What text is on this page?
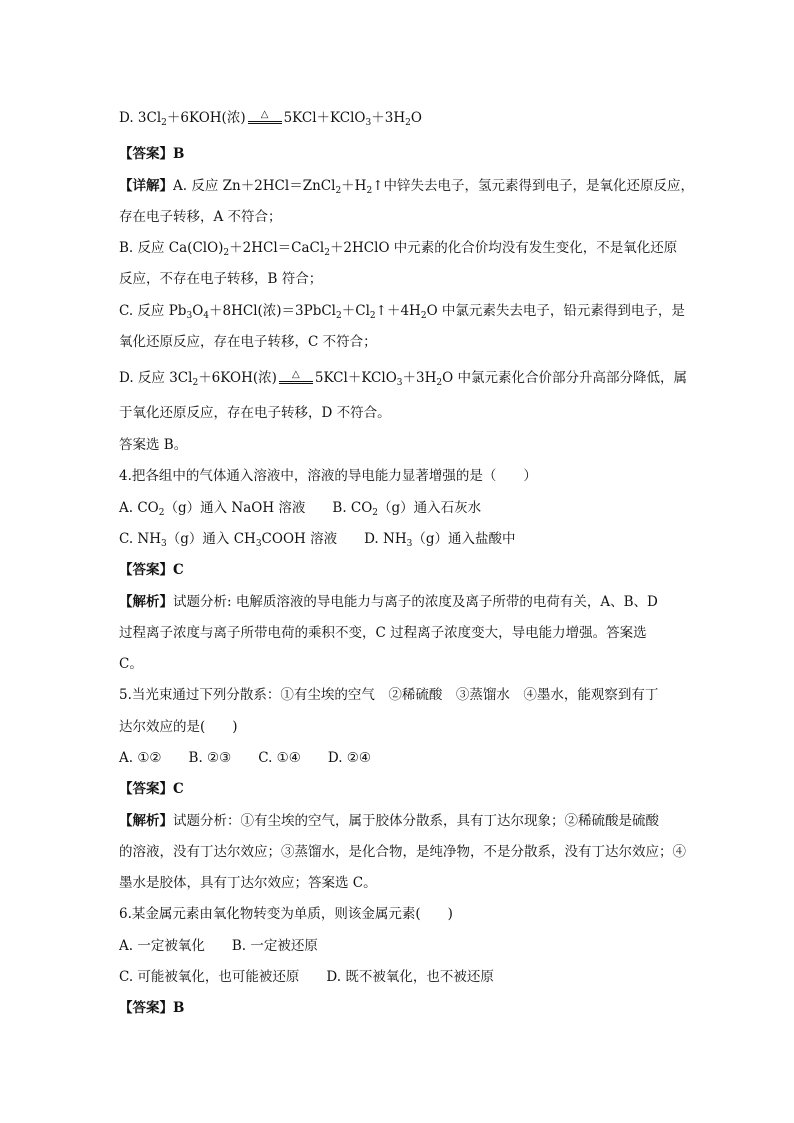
D. $3Cl_2+6KOH$(浓)	△	$5KCl+KClO_3+3H_2O$
【答案】B
【详解】A. 反应 $Zn+2HCl=ZnCl_2+H_2↑$中锌失去电子，氢元素得到电子，是氧化还原反应，
存在电子转移，A 不符合；
B. 反应 $Ca(ClO)_2+2HCl=CaCl_2+2HClO$ 中元素的化合价均没有发生变化，不是氧化还原
反应，不存在电子转移，B 符合；
C. 反应 $Pb_3O_4+8HCl$(浓)$=3PbCl_2+Cl_2↑+4H_2O$ 中氯元素失去电子，铅元素得到电子，是
氧化还原反应，存在电子转移，C 不符合；
D. 反应 $3Cl_2+6KOH$(浓)	△	$5KCl+KClO_3+3H_2O$ 中氯元素化合价部分升高部分降低，属
于氧化还原反应，存在电子转移，D 不符合。
答案选 B。
4.把各组中的气体通入溶液中，溶液的导电能力显著增强的是（　　）
A. $CO_2(g)$通入 NaOH 溶液　　B. $CO_2(g)$通入石灰水
C. $NH_3(g)$通入 $CH_3COOH$ 溶液　　D. $NH_3(g)$通入盐酸中
【答案】C
【解析】试题分析: 电解质溶液的导电能力与离子的浓度及离子所带的电荷有关，A、B、D
过程离子浓度与离子所带电荷的乘积不变，C 过程离子浓度变大，导电能力增强。答案选
C。
5.当光束通过下列分散系：①有尘埃的空气　②稀硫酸　③蒸馏水　④墨水，能观察到有丁
达尔效应的是(　　)
A. ①②　　B. ②③　　C. ①④　　D. ②④
【答案】C
【解析】试题分析：①有尘埃的空气，属于胶体分散系，具有丁达尔现象；②稀硫酸是硫酸
的溶液，没有丁达尔效应；③蒸馏水，是化合物，是纯净物，不是分散系，没有丁达尔效应；④
墨水是胶体，具有丁达尔效应；答案选 C。
6.某金属元素由氧化物转变为单质，则该金属元素(　　)
A. 一定被氧化　　B. 一定被还原
C. 可能被氧化，也可能被还原　　D. 既不被氧化，也不被还原
【答案】B
